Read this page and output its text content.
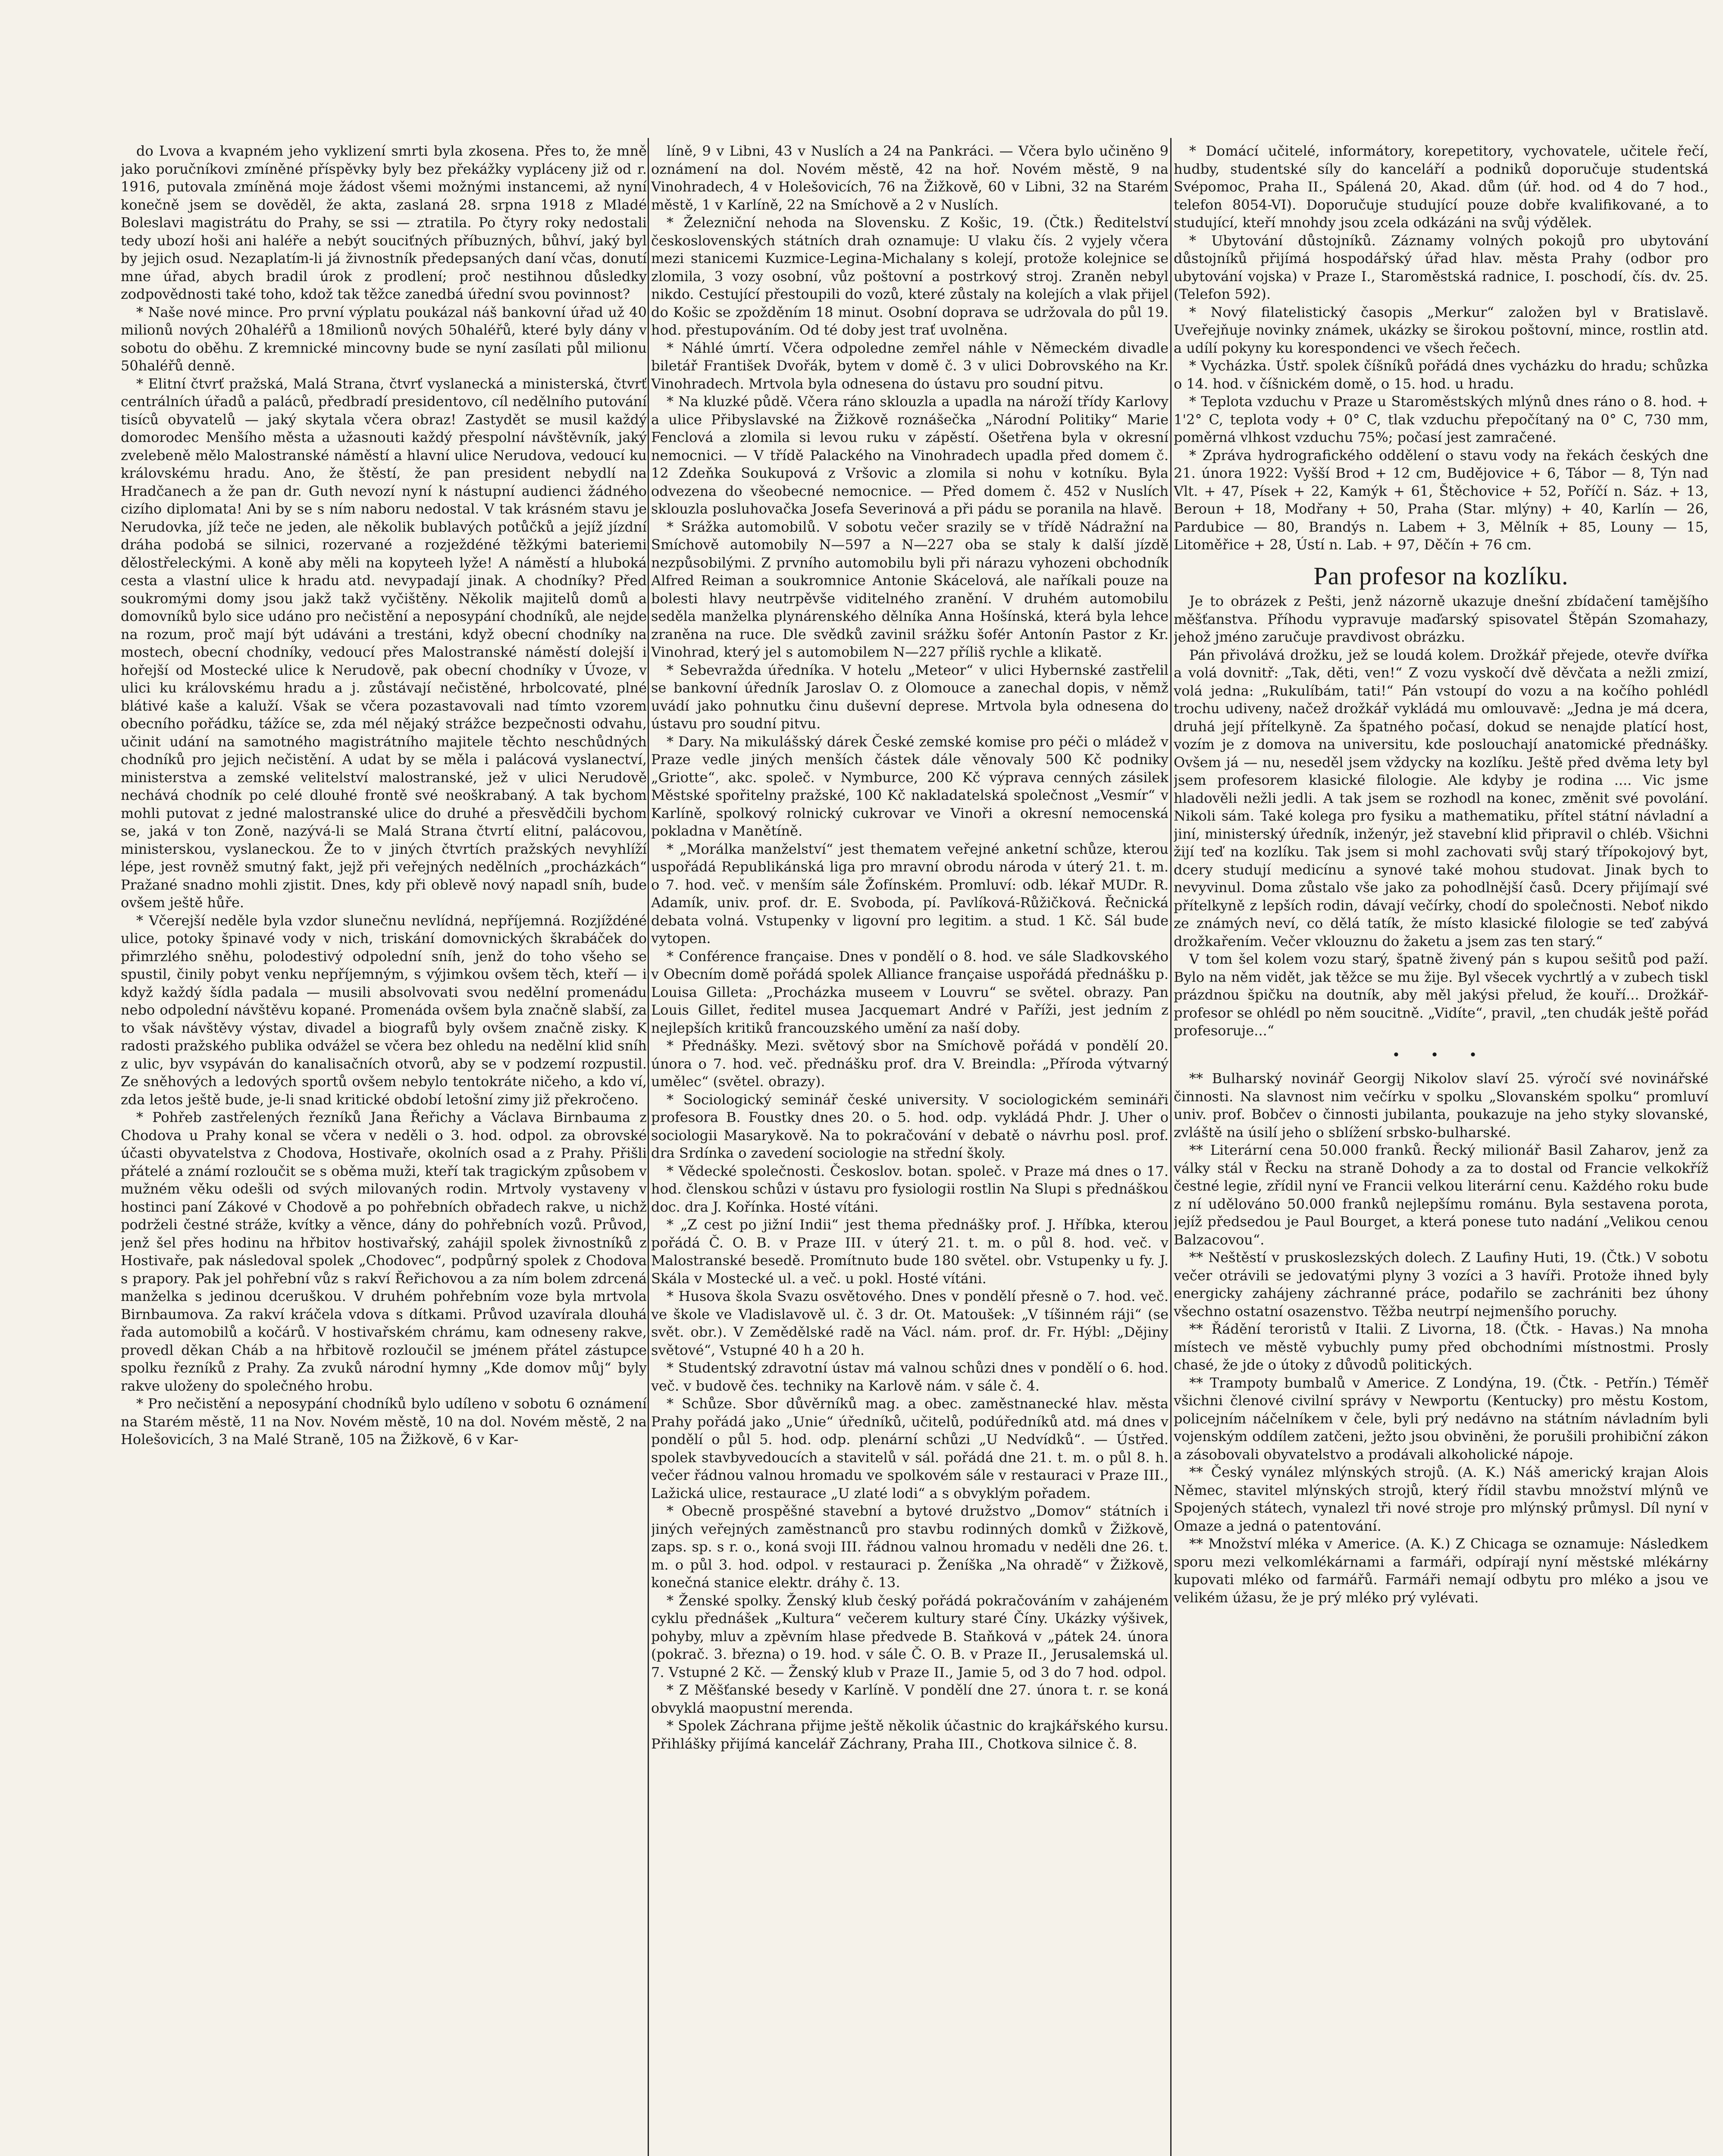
do Lvova a kvapném jeho vyklizení smrti byla zkosena. Přes to, že mně jako poručníkovi zmíněné příspěvky byly bez překážky vypláceny již od r. 1916, putovala zmíněná moje žádost všemi možnými instancemi, až nyní konečně jsem se dověděl, že akta, zaslaná 28. srpna 1918 z Mladé Boleslavi magistrátu do Prahy, se ssi — ztratila. Po čtyry roky nedostali tedy ubozí hoši ani haléře a nebýt souciťných příbuzných, bůhví, jaký byl by jejich osud. Nezaplatím-li já živnostník předepsaných daní včas, donutí mne úřad, abych bradil úrok z prodlení; proč nestihnou důsledky zodpovědnosti také toho, kdož tak těžce zanedbá úřední svou povinnost?

* Naše nové mince. Pro první výplatu poukázal náš bankovní úřad už 40 milionů nových 20haléřů a 18milionů nových 50haléřů, které byly dány v sobotu do oběhu. Z kremnické mincovny bude se nyní zasílati půl milionu 50haléřů denně.

* Elitní čtvrť pražská, Malá Strana, čtvrť vyslanecká a ministerská, čtvrť centrálních úřadů a paláců, předbradí presidentovo, cíl nedělního putování tisíců obyvatelů — jaký skytala včera obraz! Zastydět se musil každý domorodec Menšího města a užasnouti každý přespolní návštěvník, jaký zvelebeně mělo Malostranské náměstí a hlavní ulice Nerudova, vedoucí ku královskému hradu. Ano, že štěstí, že pan president nebydlí na Hradčanech a že pan dr. Guth nevozí nyní k nástupní audienci žádného cizího diplomata! Ani by se s ním naboru nedostal. V tak krásném stavu je Nerudovka, jíž teče ne jeden, ale několik bublavých potůčků a jejíž jízdní dráha podobá se silnici, rozervané a rozježdéné těžkými bateriemi dělostřeleckými. A koně aby měli na kopyteeh lyže! A náměstí a hluboká cesta a vlastní ulice k hradu atd. nevypadají jinak. A chodníky? Před soukromými domy jsou jakž takž vyčištěny. Několik majitelů domů a domovníků bylo sice udáno pro nečistění a neposypání chodníků, ale nejde na rozum, proč mají být udáváni a trestáni, když obecní chodníky na mostech, obecní chodníky, vedoucí přes Malostranské náměstí dolejší i hořejší od Mostecké ulice k Nerudově, pak obecní chodníky v Úvoze, v ulici ku královskému hradu a j. zůstávají nečistěné, hrbolcovaté, plné blátivé kaše a kaluží. Však se včera pozastavovali nad tímto vzorem obecního pořádku, tážíce se, zda mél nějaký strážce bezpečnosti odvahu, učinit udání na samotného magistrátního majitele těchto neschůdných chodníků pro jejich nečistění. A udat by se měla i palácová vyslanectví, ministerstva a zemské velitelství malostranské, jež v ulici Nerudově nechává chodník po celé dlouhé frontě své neoškrabaný. A tak bychom mohli putovat z jedné malostranské ulice do druhé a přesvědčili bychom se, jaká v ton Zoně, nazývá-li se Malá Strana čtvrtí elitní, palácovou, ministerskou, vyslaneckou. Že to v jiných čtvrtích pražských nevyhlíží lépe, jest rovněž smutný fakt, jejž při veřejných nedělních „procházkách“ Pražané snadno mohli zjistit. Dnes, kdy při oblevě nový napadl sníh, bude ovšem ještě hůře.

* Včerejší neděle byla vzdor slunečnu nevlídná, nepříjemná. Rozjíždéné ulice, potoky špinavé vody v nich, triskání domovnických škrabáček do přimrzlého sněhu, polodestivý odpolední sníh, jenž do toho všeho se spustil, činily pobyt venku nepříjemným, s výjimkou ovšem těch, kteří — i když každý šídla padala — musili absolvovati svou nedělní promenádu nebo odpolední návštěvu kopané. Promenáda ovšem byla značně slabší, za to však návštěvy výstav, divadel a biografů byly ovšem značně zisky. K radosti pražského publika odvážel se včera bez ohledu na nedělní klid sníh z ulic, byv vsypáván do kanalisačních otvorů, aby se v podzemí rozpustil. Ze sněhových a ledových sportů ovšem nebylo tentokráte ničeho, a kdo ví, zda letos ještě bude, je-li snad kritické období letošní zimy již překročeno.

* Pohřeb zastřelených řezníků Jana Řeřichy a Václava Birnbauma z Chodova u Prahy konal se včera v neděli o 3. hod. odpol. za obrovské účasti obyvatelstva z Chodova, Hostivaře, okolních osad a z Prahy. Přišli přátelé a známí rozloučit se s oběma muži, kteří tak tragickým způsobem v mužném věku odešli od svých milovaných rodin. Mrtvoly vystaveny v hostinci paní Zákové v Chodově a po pohřebních obřadech rakve, u nichž podrželi čestné stráže, kvítky a věnce, dány do pohřebních vozů. Průvod, jenž šel přes hodinu na hřbitov hostivařský, zahájil spolek živnostníků z Hostivaře, pak následoval spolek „Chodovec“, podpůrný spolek z Chodova s prapory. Pak jel pohřební vůz s rakví Řeřichovou a za ním bolem zdrcená manželka s jedinou dceruškou. V druhém pohřebním voze byla mrtvola Birnbaumova. Za rakví kráčela vdova s dítkami. Průvod uzavírala dlouhá řada automobilů a kočárů. V hostivařském chrámu, kam odneseny rakve, provedl děkan Cháb a na hřbitově rozloučil se jménem přátel zástupce spolku řezníků z Prahy. Za zvuků národní hymny „Kde domov můj“ byly rakve uloženy do společného hrobu.

* Pro nečistění a neposypání chodníků bylo udíleno v sobotu 6 oznámení na Starém městě, 11 na Nov. Novém městě, 10 na dol. Novém městě, 2 na Holešovicích, 3 na Malé Straně, 105 na Žižkově, 6 v Kar-

líně, 9 v Libni, 43 v Nuslích a 24 na Pankráci. — Včera bylo učiněno 9 oznámení na dol. Novém městě, 42 na hoř. Novém městě, 9 na Vinohradech, 4 v Holešovicích, 76 na Žižkově, 60 v Libni, 32 na Starém městě, 1 v Karlíně, 22 na Smíchově a 2 v Nuslích.

* Železniční nehoda na Slovensku. Z Košic, 19. (Čtk.) Ředitelství československých státních drah oznamuje: U vlaku čís. 2 vyjely včera mezi stanicemi Kuzmice-Legina-Michalany s kolejí, protože kolejnice se zlomila, 3 vozy osobní, vůz poštovní a postrkový stroj. Zraněn nebyl nikdo. Cestující přestoupili do vozů, které zůstaly na kolejích a vlak přijel do Košic se zpožděním 18 minut. Osobní doprava se udržovala do půl 19. hod. přestupováním. Od té doby jest trať uvolněna.

* Náhlé úmrtí. Včera odpoledne zemřel náhle v Německém divadle biletář František Dvořák, bytem v domě č. 3 v ulici Dobrovského na Kr. Vinohradech. Mrtvola byla odnesena do ústavu pro soudní pitvu.

* Na kluzké půdě. Včera ráno sklouzla a upadla na nároží třídy Karlovy a ulice Přibyslavské na Žižkově roznášečka „Národní Politiky“ Marie Fenclová a zlomila si levou ruku v zápěstí. Ošetřena byla v okresní nemocnici. — V třídě Palackého na Vinohradech upadla před domem č. 12 Zdeňka Soukupová z Vršovic a zlomila si nohu v kotníku. Byla odvezena do všeobecné nemocnice. — Před domem č. 452 v Nuslích sklouzla posluhovačka Josefa Severinová a při pádu se poranila na hlavě.

* Srážka automobilů. V sobotu večer srazily se v třídě Nádražní na Smíchově automobily N—597 a N—227 oba se staly k další jízdě nezpůsobilými. Z prvního automobilu byli při nárazu vyhozeni obchodník Alfred Reiman a soukromnice Antonie Skácelová, ale naříkali pouze na bolesti hlavy neutrpěvše viditelného zranění. V druhém automobilu seděla manželka plynárenského dělníka Anna Hošínská, která byla lehce zraněna na ruce. Dle svědků zavinil srážku šofér Antonín Pastor z Kr. Vinohrad, který jel s automobilem N—227 příliš rychle a klikatě.

* Sebevražda úředníka. V hotelu „Meteor“ v ulici Hybernské zastřelil se bankovní úředník Jaroslav O. z Olomouce a zanechal dopis, v němž uvádí jako pohnutku činu duševní deprese. Mrtvola byla odnesena do ústavu pro soudní pitvu.

* Dary. Na mikulášský dárek České zemské komise pro péči o mládež v Praze vedle jiných menších částek dále věnovaly 500 Kč podniky „Griotte“, akc. společ. v Nymburce, 200 Kč výprava cenných zásilek Městské spořitelny pražské, 100 Kč nakladatelská společnost „Vesmír“ v Karlíně, spolkový rolnický cukrovar ve Vinoři a okresní nemocenská pokladna v Manětíně.

* „Morálka manželství“ jest thematem veřejné anketní schůze, kterou uspořádá Republikánská liga pro mravní obrodu národa v úterý 21. t. m. o 7. hod. več. v menším sále Žofínském. Promluví: odb. lékař MUDr. R. Adamík, univ. prof. dr. E. Svoboda, pí. Pavlíková-Růžičková. Řečnická debata volná. Vstupenky v ligovní pro legitim. a stud. 1 Kč. Sál bude vytopen.

* Conférence française. Dnes v pondělí o 8. hod. ve sále Sladkovského v Obecním domě pořádá spolek Alliance française uspořádá přednášku p. Louisa Gilleta: „Procházka museem v Louvru“ se světel. obrazy. Pan Louis Gillet, ředitel musea Jacquemart André v Paříži, jest jedním z nejlepších kritiků francouzského umění za naší doby.

* Přednášky. Mezi. světový sbor na Smíchově pořádá v pondělí 20. února o 7. hod. več. přednášku prof. dra V. Breindla: „Příroda výtvarný umělec“ (světel. obrazy).

* Sociologický seminář české university. V sociologickém semináři profesora B. Foustky dnes 20. o 5. hod. odp. vykládá Phdr. J. Uher o sociologii Masarykově. Na to pokračování v debatě o návrhu posl. prof. dra Srdínka o zavedení sociologie na střední školy.

* Vědecké společnosti. Českoslov. botan. společ. v Praze má dnes o 17. hod. členskou schůzi v ústavu pro fysiologii rostlin Na Slupi s přednáškou doc. dra J. Kořínka. Hosté vítáni.

* „Z cest po jižní Indii“ jest thema přednášky prof. J. Hříbka, kterou pořádá Č. O. B. v Praze III. v úterý 21. t. m. o půl 8. hod. več. v Malostranské besedě. Promítnuto bude 180 světel. obr. Vstupenky u fy. J. Skála v Mostecké ul. a več. u pokl. Hosté vítáni.

* Husova škola Svazu osvětového. Dnes v pondělí přesně o 7. hod. več. ve škole ve Vladislavově ul. č. 3 dr. Ot. Matoušek: „V tíšinném ráji“ (se svět. obr.). V Zemědělské radě na Václ. nám. prof. dr. Fr. Hýbl: „Dějiny světové“, Vstupné 40 h a 20 h.

* Studentský zdravotní ústav má valnou schůzi dnes v pondělí o 6. hod. več. v budově čes. techniky na Karlově nám. v sále č. 4.

* Schůze. Sbor důvěrníků mag. a obec. zaměstnanecké hlav. města Prahy pořádá jako „Unie“ úředníků, učitelů, podúředníků atd. má dnes v pondělí o půl 5. hod. odp. plenární schůzi „U Nedvídků“. — Ústřed. spolek stavbyvedoucích a stavitelů v sál. pořádá dne 21. t. m. o půl 8. h. večer řádnou valnou hromadu ve spolkovém sále v restauraci v Praze III., Lažická ulice, restaurace „U zlaté lodi“ a s obvyklým pořadem.

* Obecně prospěšné stavební a bytové družstvo „Domov“ státních i jiných veřejných zaměstnanců pro stavbu rodinných domků v Žižkově, zaps. sp. s r. o., koná svoji III. řádnou valnou hromadu v neděli dne 26. t. m. o půl 3. hod. odpol. v restauraci p. Ženíška „Na ohradě“ v Žižkově, konečná stanice elektr. dráhy č. 13.

* Ženské spolky. Ženský klub český pořádá pokračováním v zahájeném cyklu přednášek „Kultura“ večerem kultury staré Číny. Ukázky výšivek, pohyby, mluv a zpěvním hlase předvede B. Staňková v „pátek 24. února (pokrač. 3. března) o 19. hod. v sále Č. O. B. v Praze II., Jerusalemská ul. 7. Vstupné 2 Kč. — Ženský klub v Praze II., Jamie 5, od 3 do 7 hod. odpol.

* Z Měšťanské besedy v Karlíně. V pondělí dne 27. února t. r. se koná obvyklá maopustní merenda.

* Spolek Záchrana přijme ještě několik účastnic do krajkářského kursu. Přihlášky přijímá kancelář Záchrany, Praha III., Chotkova silnice č. 8.

* Domácí učitelé, informátory, korepetitory, vychovatele, učitele řečí, hudby, studentské síly do kanceláří a podniků doporučuje studentská Svépomoc, Praha II., Spálená 20, Akad. dům (úř. hod. od 4 do 7 hod., telefon 8054-VI). Doporučuje studující pouze dobře kvalifikované, a to studující, kteří mnohdy jsou zcela odkázáni na svůj výdělek.

* Ubytování důstojníků. Záznamy volných pokojů pro ubytování důstojníků přijímá hospodářský úřad hlav. města Prahy (odbor pro ubytování vojska) v Praze I., Staroměstská radnice, I. poschodí, čís. dv. 25. (Telefon 592).

* Nový filatelistický časopis „Merkur“ založen byl v Bratislavě. Uveřejňuje novinky známek, ukázky se širokou poštovní, mince, rostlin atd. a udílí pokyny ku korespondenci ve všech řečech.

* Vycházka. Ústř. spolek číšníků pořádá dnes vycházku do hradu; schůzka o 14. hod. v číšnickém domě, o 15. hod. u hradu.

* Teplota vzduchu v Praze u Staroměstských mlýnů dnes ráno o 8. hod. + 1'2° C, teplota vody + 0° C, tlak vzduchu přepočítaný na 0° C, 730 mm, poměrná vlhkost vzduchu 75%; počasí jest zamračené.

* Zpráva hydrografického oddělení o stavu vody na řekách českých dne 21. února 1922: Vyšší Brod + 12 cm, Budějovice + 6, Tábor — 8, Týn nad Vlt. + 47, Písek + 22, Kamýk + 61, Štěchovice + 52, Poříčí n. Sáz. + 13, Beroun + 18, Modřany + 50, Praha (Star. mlýny) + 40, Karlín — 26, Pardubice — 80, Brandýs n. Labem + 3, Mělník + 85, Louny — 15, Litoměřice + 28, Ústí n. Lab. + 97, Děčín + 76 cm.

Pan profesor na kozlíku.

Je to obrázek z Pešti, jenž názorně ukazuje dnešní zbídačení tamějšího měšťanstva. Příhodu vypravuje maďarský spisovatel Štěpán Szomahazy, jehož jméno zaručuje pravdivost obrázku.

Pán přivolává drožku, jež se loudá kolem. Drožkář přejede, otevře dvířka a volá dovnitř: „Tak, děti, ven!“ Z vozu vyskočí dvě děvčata a nežli zmizí, volá jedna: „Rukulíbám, tati!“ Pán vstoupí do vozu a na kočího pohlédl trochu udiveny, načež drožkář vykládá mu omlouvavě: „Jedna je má dcera, druhá její přítelkyně. Za špatného počasí, dokud se nenajde platící host, vozím je z domova na universitu, kde poslouchají anatomické přednášky. Ovšem já — nu, neseděl jsem vždycky na kozlíku. Ještě před dvěma lety byl jsem profesorem klasické filologie. Ale kdyby je rodina .... Vic jsme hladověli nežli jedli. A tak jsem se rozhodl na konec, změnit své povolání. Nikoli sám. Také kolega pro fysiku a mathematiku, přítel státní návladní a jiní, ministerský úředník, inženýr, jež stavební klid připravil o chléb. Všichni žijí teď na kozlíku. Tak jsem si mohl zachovati svůj starý třípokojový byt, dcery studují medicínu a synové také mohou studovat. Jinak bych to nevyvinul. Doma zůstalo vše jako za pohodlnější časů. Dcery přijímají své přítelkyně z lepších rodin, dávají večírky, chodí do společnosti. Neboť nikdo ze známých neví, co dělá tatík, že místo klasické filologie se teď zabývá drožkařením. Večer vklouznu do žaketu a jsem zas ten starý.“

V tom šel kolem vozu starý, špatně živený pán s kupou sešitů pod paží. Bylo na něm vidět, jak těžce se mu žije. Byl všecek vychrtlý a v zubech tiskl prázdnou špičku na doutník, aby měl jakýsi přelud, že kouří... Drožkář-profesor se ohlédl po něm soucitně. „Vidíte“, pravil, „ten chudák ještě pořád profesoruje...“

• • •

** Bulharský novinář Georgij Nikolov slaví 25. výročí své novinářské činnosti. Na slavnost nim večírku v spolku „Slovanském spolku“ promluví univ. prof. Bobčev o činnosti jubilanta, poukazuje na jeho styky slovanské, zvláště na úsilí jeho o sblížení srbsko-bulharské.

** Literární cena 50.000 franků. Řecký milionář Basil Zaharov, jenž za války stál v Řecku na straně Dohody a za to dostal od Francie velkokříž čestné legie, zřídil nyní ve Francii velkou literární cenu. Každého roku bude z ní udělováno 50.000 franků nejlepšímu románu. Byla sestavena porota, jejíž předsedou je Paul Bourget, a která ponese tuto nadání „Velikou cenou Balzacovou“.

** Neštěstí v pruskoslezských dolech. Z Laufiny Huti, 19. (Čtk.) V sobotu večer otrávili se jedovatými plyny 3 vozíci a 3 havíři. Protože ihned byly energicky zahájeny záchranné práce, podařilo se zachrániti bez úhony všechno ostatní osazenstvo. Těžba neutrpí nejmenšího poruchy.

** Řádění teroristů v Italii. Z Livorna, 18. (Čtk. - Havas.) Na mnoha místech ve městě vybuchly pumy před obchodními místnostmi. Prosly chasé, že jde o útoky z důvodů politických.

** Trampoty bumbalů v Americe. Z Londýna, 19. (Čtk. - Petřín.) Téměř všichni členové civilní správy v Newportu (Kentucky) pro městu Kostom, policejním náčelníkem v čele, byli prý nedávno na státním návladním byli vojenským oddílem zatčeni, ježto jsou obviněni, že porušili prohibiční zákon a zásobovali obyvatelstvo a prodávali alkoholické nápoje.

** Český vynález mlýnských strojů. (A. K.) Náš americký krajan Alois Němec, stavitel mlýnských strojů, který řídil stavbu množství mlýnů ve Spojených státech, vynalezl tři nové stroje pro mlýnský průmysl. Díl nyní v Omaze a jedná o patentování.

** Množství mléka v Americe. (A. K.) Z Chicaga se oznamuje: Následkem sporu mezi velkomlékárnami a farmáři, odpírají nyní městské mlékárny kupovati mléko od farmářů. Farmáři nemají odbytu pro mléko a jsou ve velikém úžasu, že je prý mléko prý vylévati.
